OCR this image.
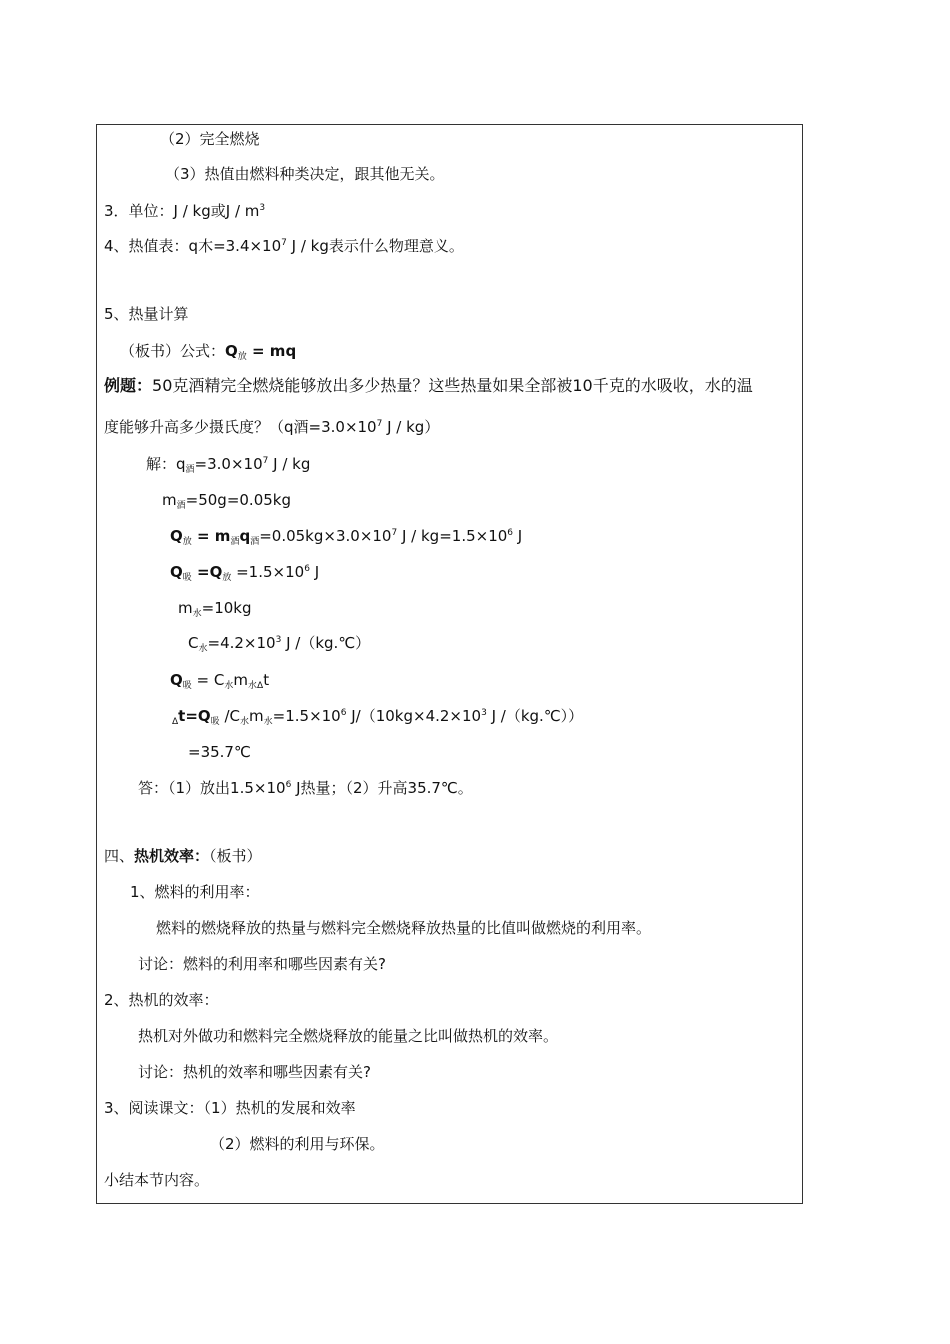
（2）完全燃烧
（3）热值由燃料种类决定，跟其他无关。
3．单位：J / kg或J / $m^3$
4、热值表：q木$=3.4\times 10^7$ J / kg表示什么物理意义。
5、热量计算
（板书）公式：$Q_放$ = mq
例题：50克酒精完全燃烧能够放出多少热量？这些热量如果全部被10千克的水吸收，水的温
度能够升高多少摄氏度？（q酒$=3.0\times 10^7$ J / kg）
解：$q_酒=3.0\times 10^7$ J / kg
$m_酒=50g=0.05kg$
$Q_放 = m_酒q_酒=0.05kg\times 3.0\times 10^7$ $J / kg=1.5\times 10^6$ J
$Q_吸 =Q_放 =1.5\times 10^6$ J
$m_水=10kg$
$C_水=4.2\times 10^3$ J /（kg.℃）
$Q_吸 = C_水m_{水\Delta}t$
$_\Delta t=Q_吸$ $/C_水m_水=1.5\times 10^6$ $J/(10kg\times 4.2\times 10^3$ J /（kg.℃））
=35.7℃
答：（1）放出$1.5\times 10^6$ J热量；（2）升高35.7℃。
四、热机效率：（板书）
1、燃料的利用率：
燃料的燃烧释放的热量与燃料完全燃烧释放热量的比值叫做燃烧的利用率。
讨论：燃料的利用率和哪些因素有关?
2、热机的效率：
热机对外做功和燃料完全燃烧释放的能量之比叫做热机的效率。
讨论：热机的效率和哪些因素有关?
3、阅读课文：（1）热机的发展和效率
（2）燃料的利用与环保。
小结本节内容。
